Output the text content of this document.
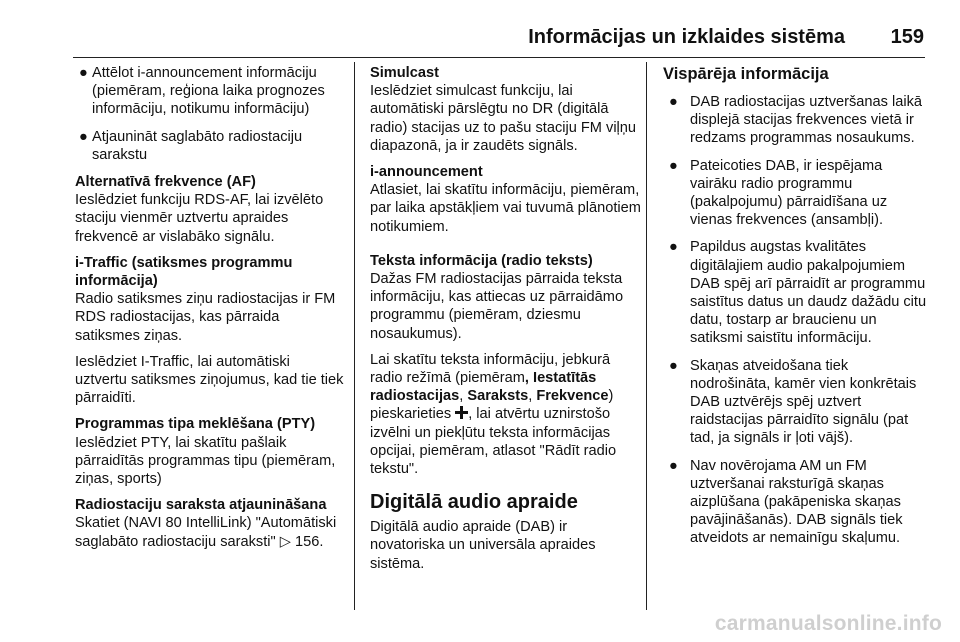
Informācijas un izklaides sistēma 159
● Attēlot i-announcement informāciju (piemēram, reģiona laika prognozes informāciju, notikumu informāciju)
● Atjaunināt saglabāto radiostaciju sarakstu
Alternatīvā frekvence (AF)
Ieslēdziet funkciju RDS-AF, lai izvēlēto staciju vienmēr uztvertu apraides frekvencē ar vislabāko signālu.
i-Traffic (satiksmes programmu informācija)

Radio satiksmes ziņu radiostacijas ir FM RDS radiostacijas, kas pārraida satiksmes ziņas.

Ieslēdziet I-Traffic, lai automātiski uztvertu satiksmes ziņojumus, kad tie tiek pārraidīti.
Programmas tipa meklēšana (PTY)
Ieslēdziet PTY, lai skatītu pašlaik pārraidītās programmas tipu (piemēram, ziņas, sports)
Radiostaciju saraksta atjaunināšana
Skatiet (NAVI 80 IntelliLink) "Automātiski saglabāto radiostaciju saraksti" ▷ 156.
Simulcast
Ieslēdziet simulcast funkciju, lai automātiski pārslēgtu no DR (digitālā radio) stacijas uz to pašu staciju FM viļņu diapazonā, ja ir zaudēts signāls.
i-announcement
Atlasiet, lai skatītu informāciju, piemēram, par laika apstākļiem vai tuvumā plānotiem notikumiem.
Teksta informācija (radio teksts)

Dažas FM radiostacijas pārraida teksta informāciju, kas attiecas uz pārraidāmo programmu (piemēram, dziesmu nosaukumus).

Lai skatītu teksta informāciju, jebkurā radio režīmā (piemēram, Iestatītās radiostacijas, Saraksts, Frekvence) pieskarieties , lai atvērtu uznirstošo izvēlni un piekļūtu teksta informācijas opcijai, piemēram, atlasot "Rādīt radio tekstu".
Digitālā audio apraide
Digitālā audio apraide (DAB) ir novatoriska un universāla apraides sistēma.
Vispārēja informācija
● DAB radiostacijas uztveršanas laikā displejā stacijas frekvences vietā ir redzams programmas nosaukums.
● Pateicoties DAB, ir iespējama vairāku radio programmu (pakalpojumu) pārraidīšana uz vienas frekvences (ansambļi).
● Papildus augstas kvalitātes digitālajiem audio pakalpojumiem DAB spēj arī pārraidīt ar programmu saistītus datus un daudz dažādu citu datu, tostarp ar braucienu un satiksmi saistītu informāciju.
● Skaņas atveidošana tiek nodrošināta, kamēr vien konkrētais DAB uztvērējs spēj uztvert raidstacijas pārraidīto signālu (pat tad, ja signāls ir ļoti vājš).
● Nav novērojama AM un FM uztveršanai raksturīgā skaņas aizplūšana (pakāpeniska skaņas pavājināšanās). DAB signāls tiek atveidots ar nemainīgu skaļumu.
carmanualsonline.info
